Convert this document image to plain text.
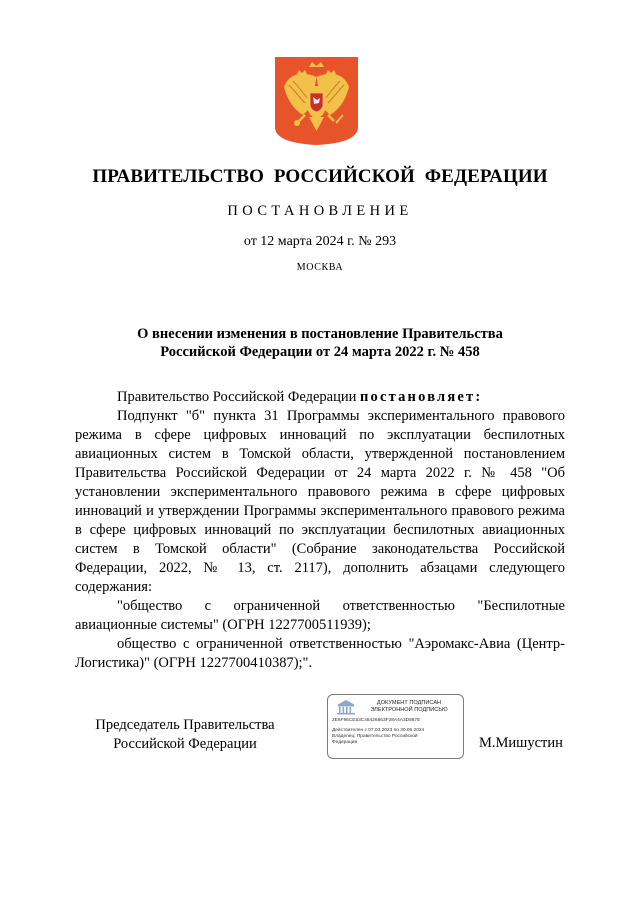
ПРАВИТЕЛЬСТВО РОССИЙСКОЙ ФЕДЕРАЦИИ
ПОСТАНОВЛЕНИЕ
от 12 марта 2024 г. № 293
МОСКВА
О внесении изменения в постановление Правительства
Российской Федерации от 24 марта 2022 г. № 458

Правительство Российской Федерации постановляет:

Подпункт "б" пункта 31 Программы экспериментального правового режима в сфере цифровых инноваций по эксплуатации беспилотных авиационных систем в Томской области, утвержденной постановлением Правительства Российской Федерации от 24 марта 2022 г. № 458 "Об установлении экспериментального правового режима в сфере цифровых инноваций и утверждении Программы экспериментального правового режима в сфере цифровых инноваций по эксплуатации беспилотных авиационных систем в Томской области" (Собрание законодательства Российской Федерации, 2022, № 13, ст. 2117), дополнить абзацами следующего содержания:

"общество с ограниченной ответственностью "Беспилотные авиационные системы" (ОГРН 1227700511939);

общество с ограниченной ответственностью "Аэромакс-Авиа (Центр-Логистика)" (ОГРН 1227700410387);".

Председатель Правительства
Российской Федерации
ДОКУМЕНТ ПОДПИСАН
ЭЛЕКТРОННОЙ ПОДПИСЬЮ
2E6F96CE53C46426863F38A4A3D867E
Действителен с 07.03.2023 по 30.05.2024
Владелец: Правительство Российской
Федерации	М.Мишустин
